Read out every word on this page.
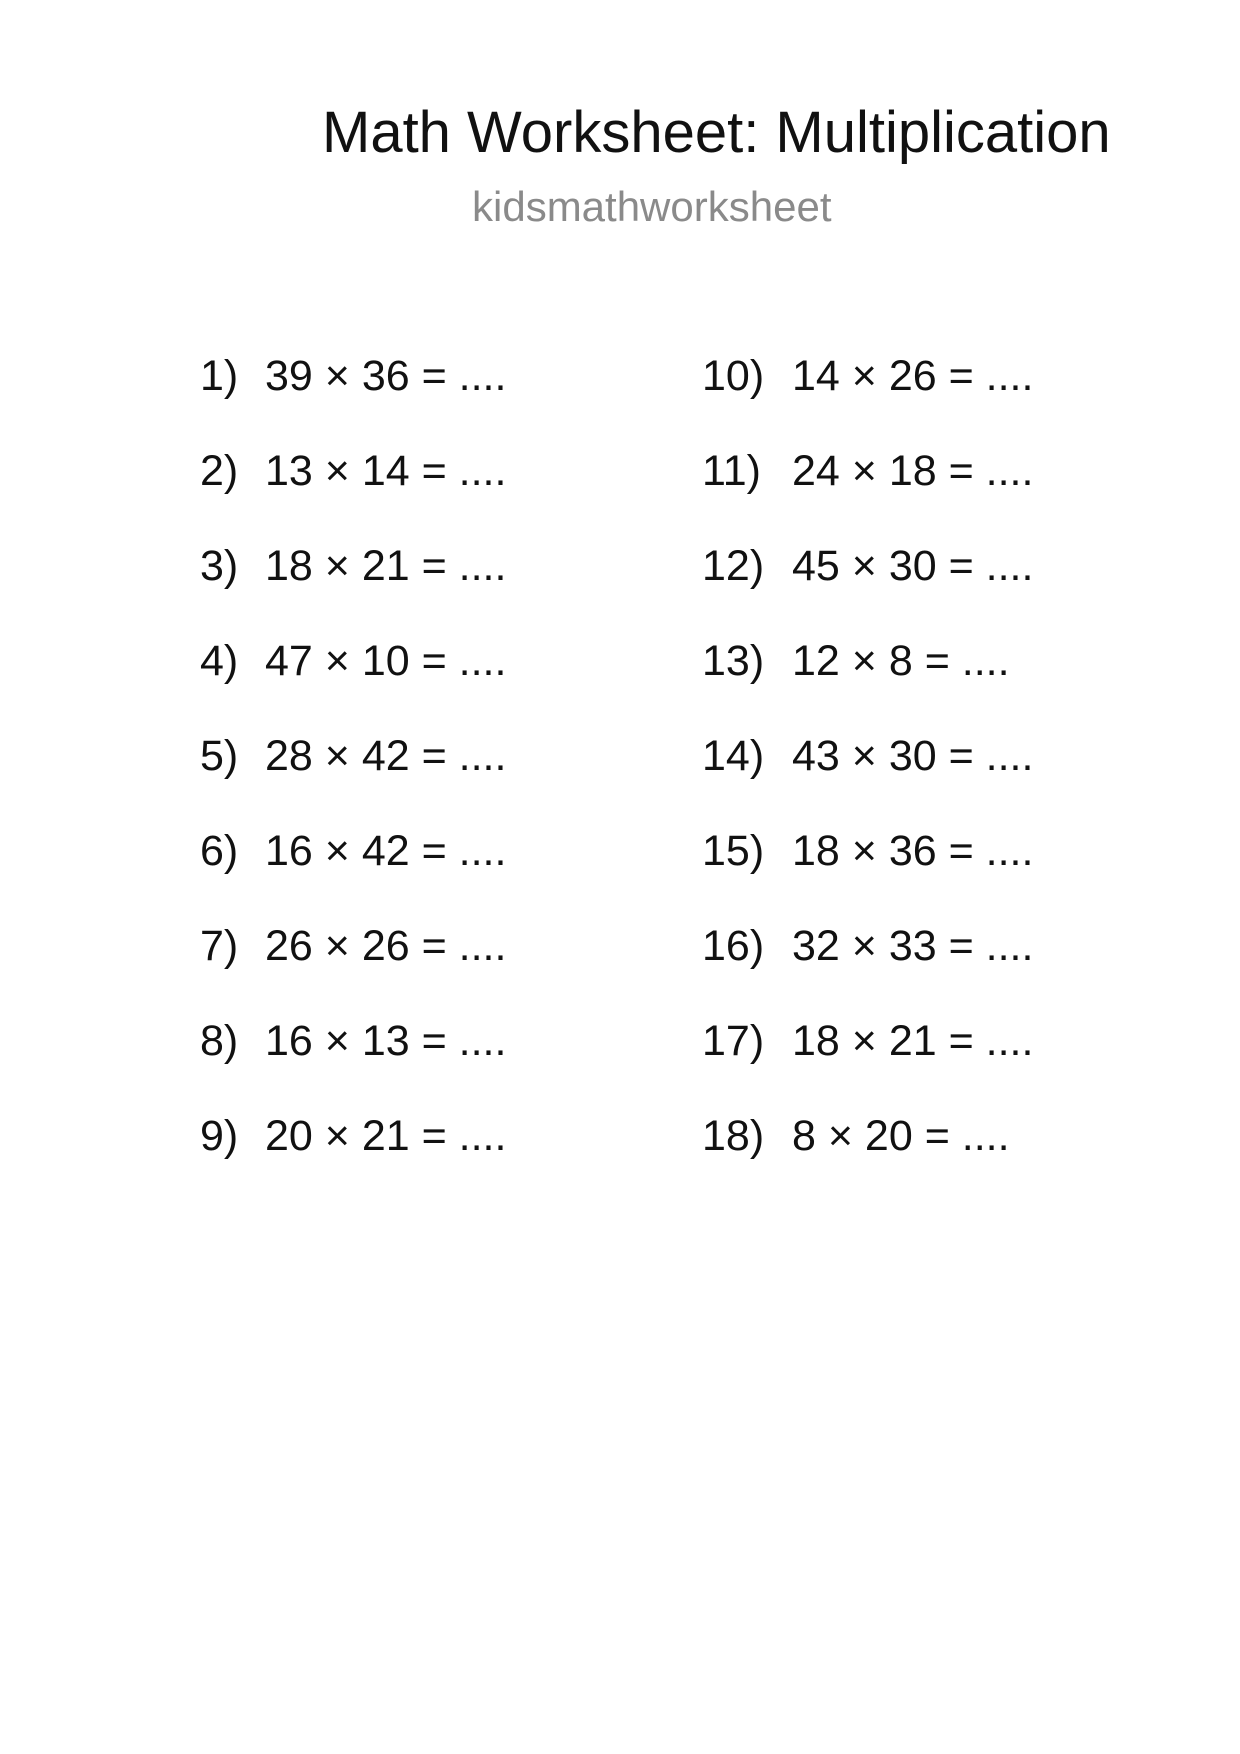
Math Worksheet: Multiplication
kidsmathworksheet
1) 39 × 36 = ....
2) 13 × 14 = ....
3) 18 × 21 = ....
4) 47 × 10 = ....
5) 28 × 42 = ....
6) 16 × 42 = ....
7) 26 × 26 = ....
8) 16 × 13 = ....
9) 20 × 21 = ....
10) 14 × 26 = ....
11) 24 × 18 = ....
12) 45 × 30 = ....
13) 12 × 8 = ....
14) 43 × 30 = ....
15) 18 × 36 = ....
16) 32 × 33 = ....
17) 18 × 21 = ....
18) 8 × 20 = ....
